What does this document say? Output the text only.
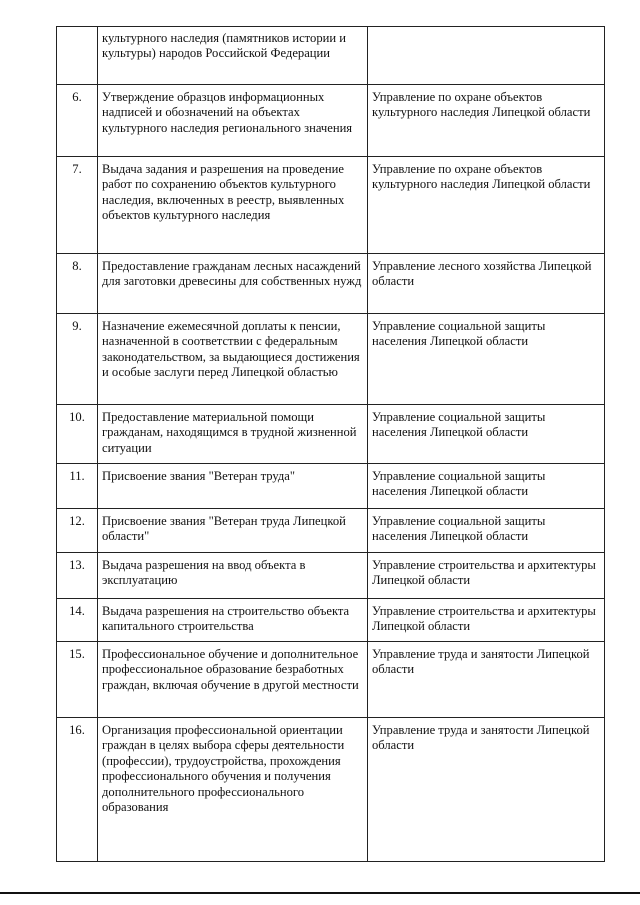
	культурного наследия (памятников истории и культуры) народов Российской Федерации	
6.	Утверждение образцов информационных надписей и обозначений на объектах культурного наследия регионального значения	Управление по охране объектов культурного наследия Липецкой области
7.	Выдача задания и разрешения на проведение работ по сохранению объектов культурного наследия, включенных в реестр, выявленных объектов культурного наследия	Управление по охране объектов культурного наследия Липецкой области
8.	Предоставление гражданам лесных насаждений для заготовки древесины для собственных нужд	Управление лесного хозяйства Липецкой области
9.	Назначение ежемесячной доплаты к пенсии, назначенной в соответствии с федеральным законодательством, за выдающиеся достижения и особые заслуги перед Липецкой областью	Управление социальной защиты населения Липецкой области
10.	Предоставление материальной помощи гражданам, находящимся в трудной жизненной ситуации	Управление социальной защиты населения Липецкой области
11.	Присвоение звания "Ветеран труда"	Управление социальной защиты населения Липецкой области
12.	Присвоение звания "Ветеран труда Липецкой области"	Управление социальной защиты населения Липецкой области
13.	Выдача разрешения на ввод объекта в эксплуатацию	Управление строительства и архитектуры Липецкой области
14.	Выдача разрешения на строительство объекта капитального строительства	Управление строительства и архитектуры Липецкой области
15.	Профессиональное обучение и дополнительное профессиональное образование безработных граждан, включая обучение в другой местности	Управление труда и занятости Липецкой области
16.	Организация профессиональной ориентации граждан в целях выбора сферы деятельности (профессии), трудоустройства, прохождения профессионального обучения и получения дополнительного профессионального образования	Управление труда и занятости Липецкой области
